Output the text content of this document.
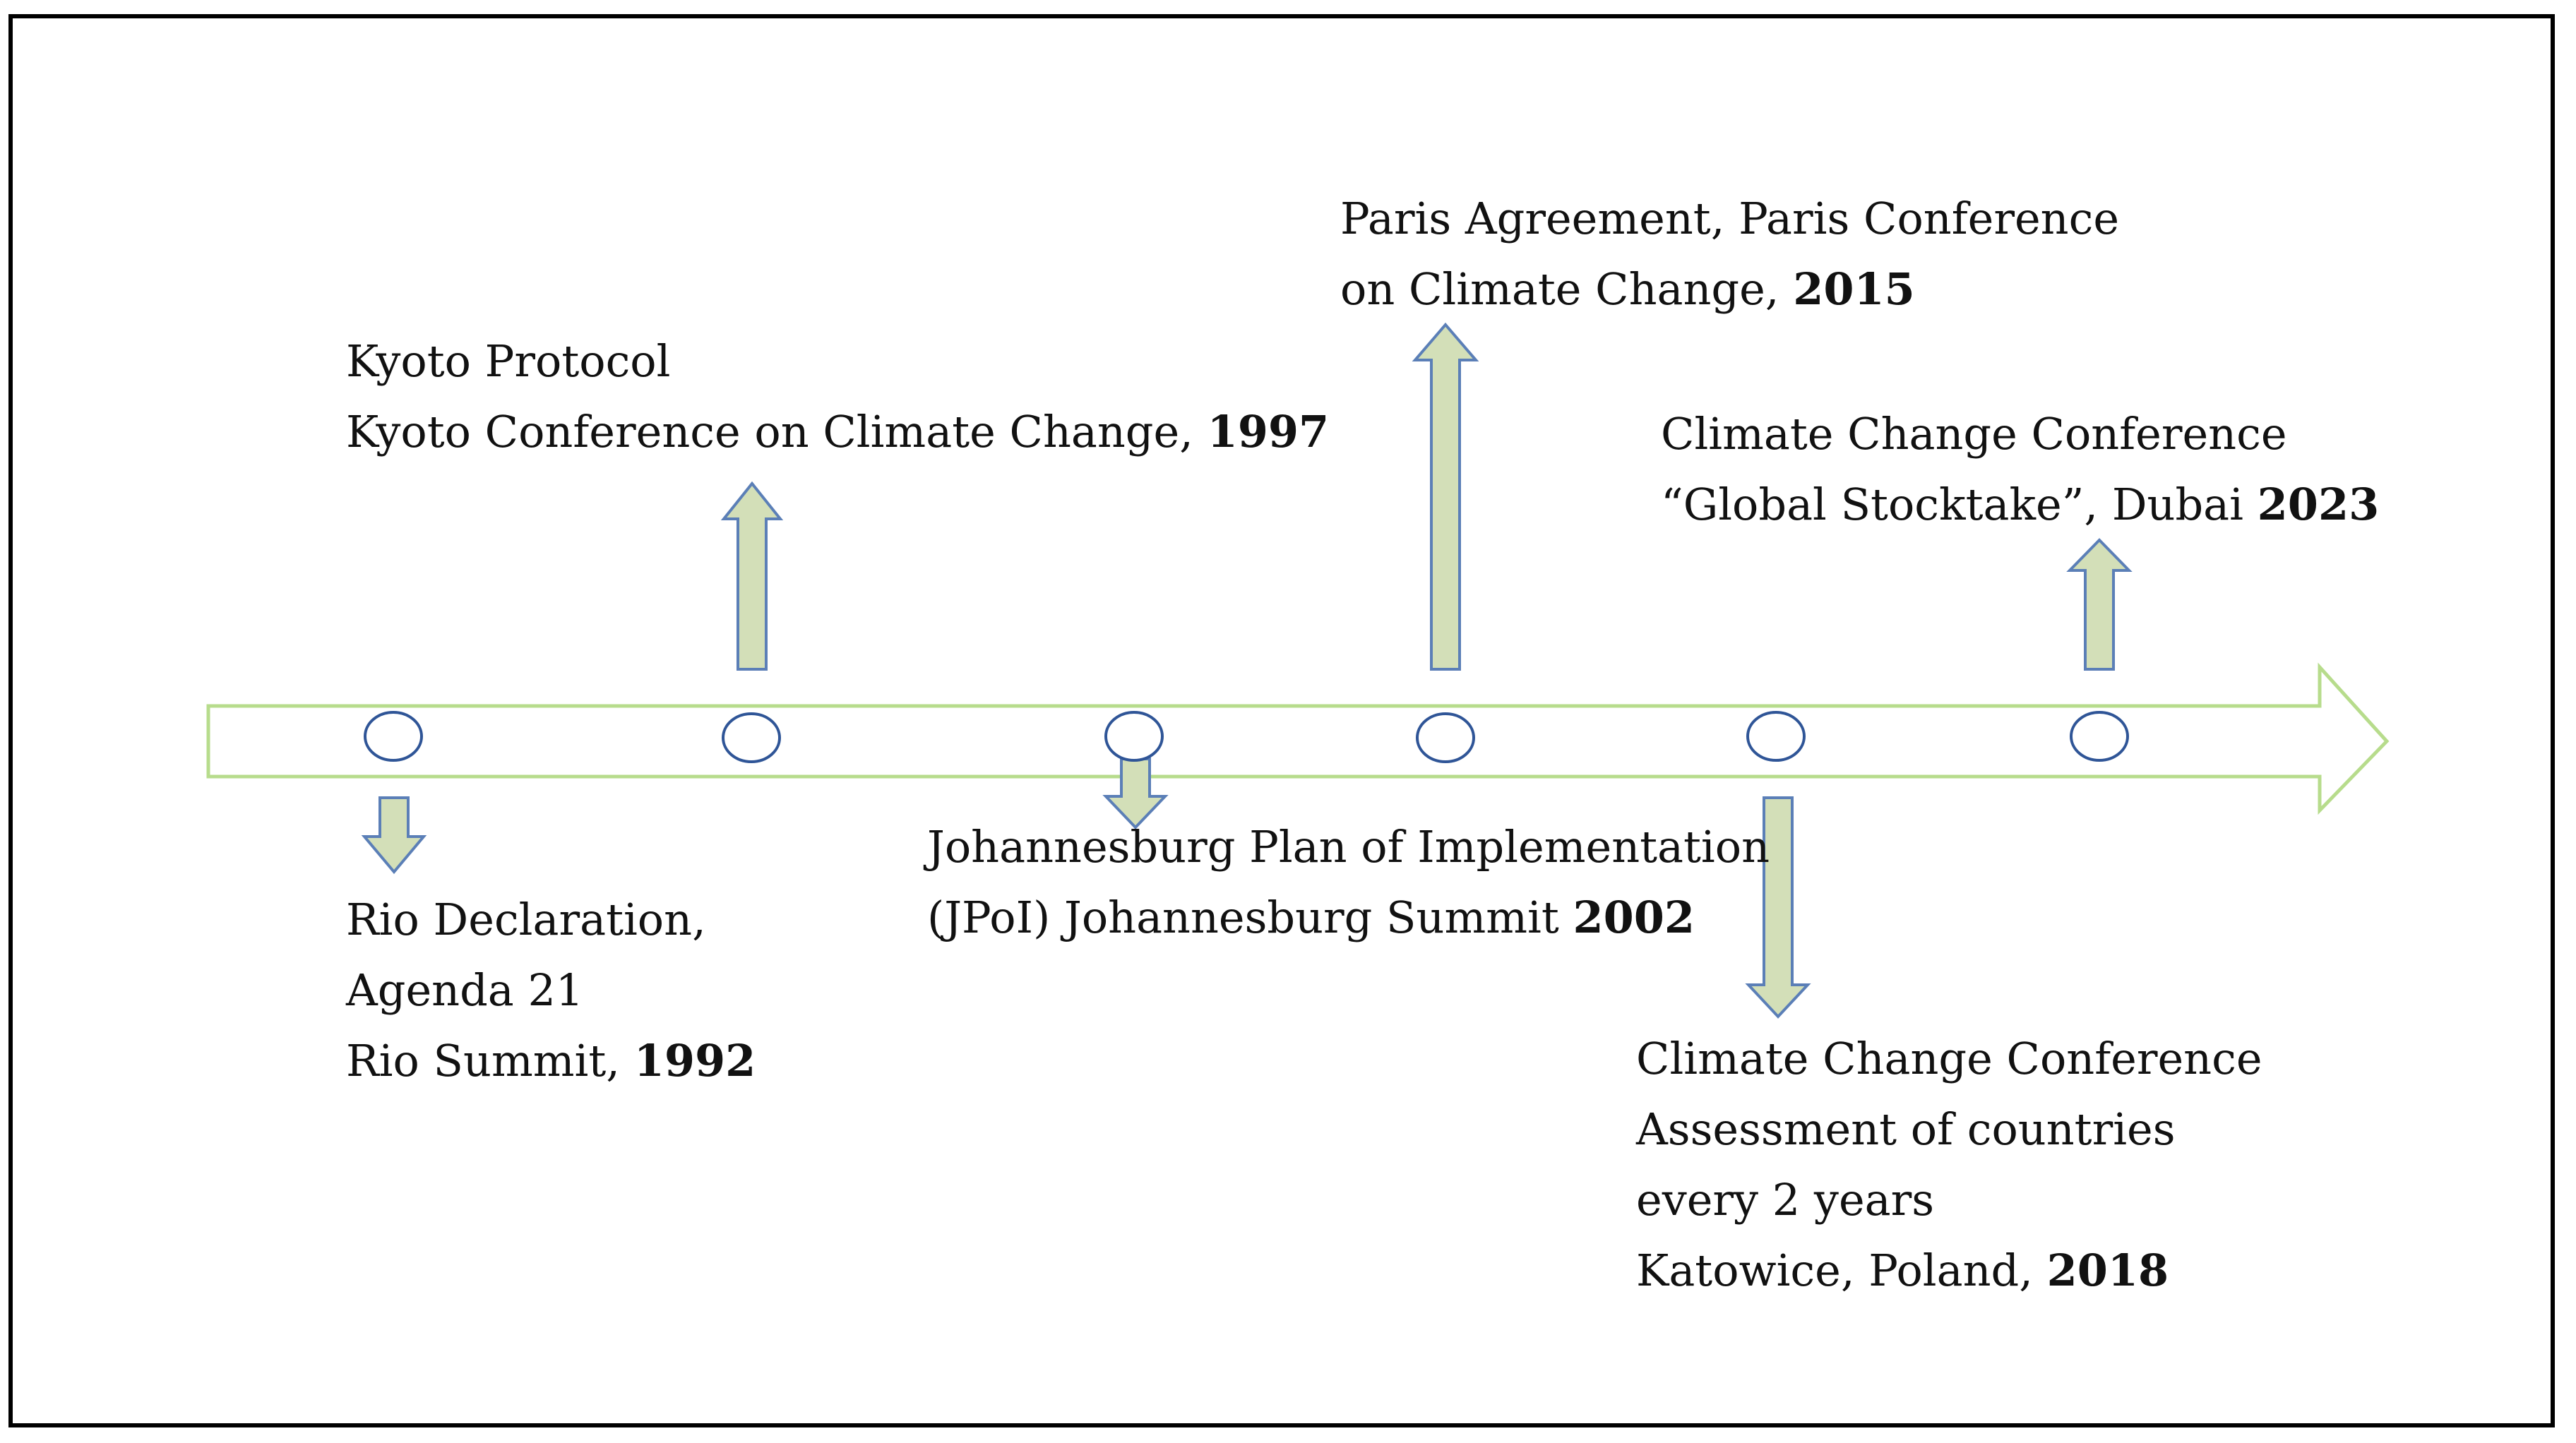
Rio Declaration,
Agenda 21
Rio Summit, 1992
Kyoto Protocol
Kyoto Conference on Climate Change, 1997
Johannesburg Plan of Implementation
(JPoI) Johannesburg Summit 2002
Paris Agreement, Paris Conference
on Climate Change, 2015
Climate Change Conference
Assessment of countries
every 2 years
Katowice, Poland, 2018
Climate Change Conference
“Global Stocktake”, Dubai 2023
